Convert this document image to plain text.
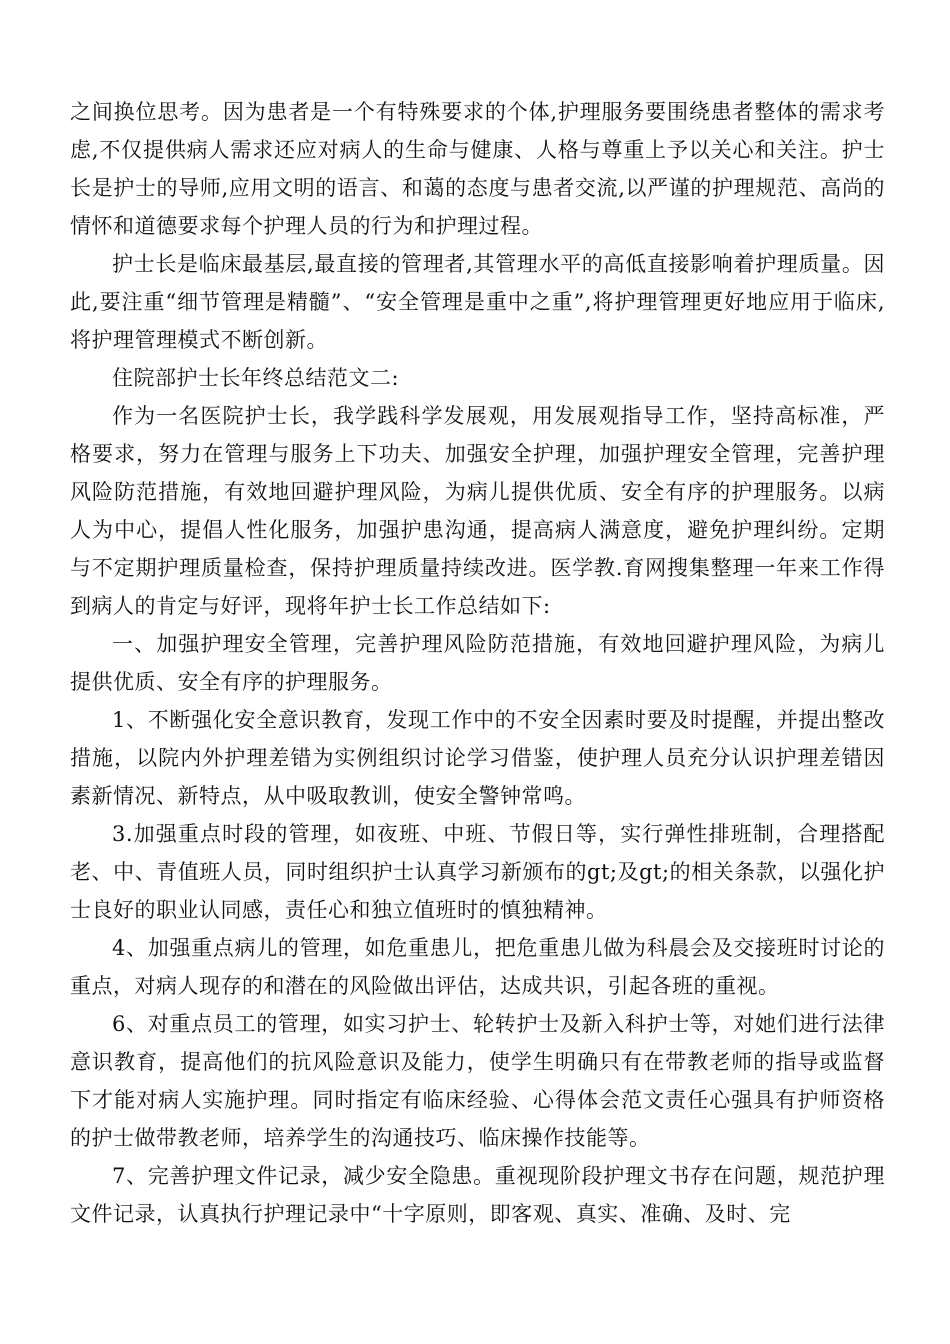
之间换位思考。因为患者是一个有特殊要求的个体,护理服务要围绕患者整体的需求考虑,不仅提供病人需求还应对病人的生命与健康、人格与尊重上予以关心和关注。护士长是护士的导师,应用文明的语言、和蔼的态度与患者交流,以严谨的护理规范、高尚的情怀和道德要求每个护理人员的行为和护理过程。

护士长是临床最基层,最直接的管理者,其管理水平的高低直接影响着护理质量。因此,要注重“细节管理是精髓”、“安全管理是重中之重”,将护理管理更好地应用于临床,将护理管理模式不断创新。

住院部护士长年终总结范文二:

作为一名医院护士长，我学践科学发展观，用发展观指导工作，坚持高标准，严格要求，努力在管理与服务上下功夫、加强安全护理，加强护理安全管理，完善护理风险防范措施，有效地回避护理风险，为病儿提供优质、安全有序的护理服务。以病人为中心，提倡人性化服务，加强护患沟通，提高病人满意度，避免护理纠纷。定期与不定期护理质量检查，保持护理质量持续改进。医学教.育网搜集整理一年来工作得到病人的肯定与好评，现将年护士长工作总结如下:

一、加强护理安全管理，完善护理风险防范措施，有效地回避护理风险，为病儿提供优质、安全有序的护理服务。

1、不断强化安全意识教育，发现工作中的不安全因素时要及时提醒，并提出整改措施，以院内外护理差错为实例组织讨论学习借鉴，使护理人员充分认识护理差错因素新情况、新特点，从中吸取教训，使安全警钟常鸣。

3.加强重点时段的管理，如夜班、中班、节假日等，实行弹性排班制，合理搭配老、中、青值班人员，同时组织护士认真学习新颁布的gt;及gt;的相关条款，以强化护士良好的职业认同感，责任心和独立值班时的慎独精神。

4、加强重点病儿的管理，如危重患儿，把危重患儿做为科晨会及交接班时讨论的重点，对病人现存的和潜在的风险做出评估，达成共识，引起各班的重视。

6、对重点员工的管理，如实习护士、轮转护士及新入科护士等，对她们进行法律意识教育，提高他们的抗风险意识及能力，使学生明确只有在带教老师的指导或监督下才能对病人实施护理。同时指定有临床经验、心得体会范文责任心强具有护师资格的护士做带教老师，培养学生的沟通技巧、临床操作技能等。

7、完善护理文件记录，减少安全隐患。重视现阶段护理文书存在问题，规范护理文件记录，认真执行护理记录中“十字原则，即客观、真实、准确、及时、完
